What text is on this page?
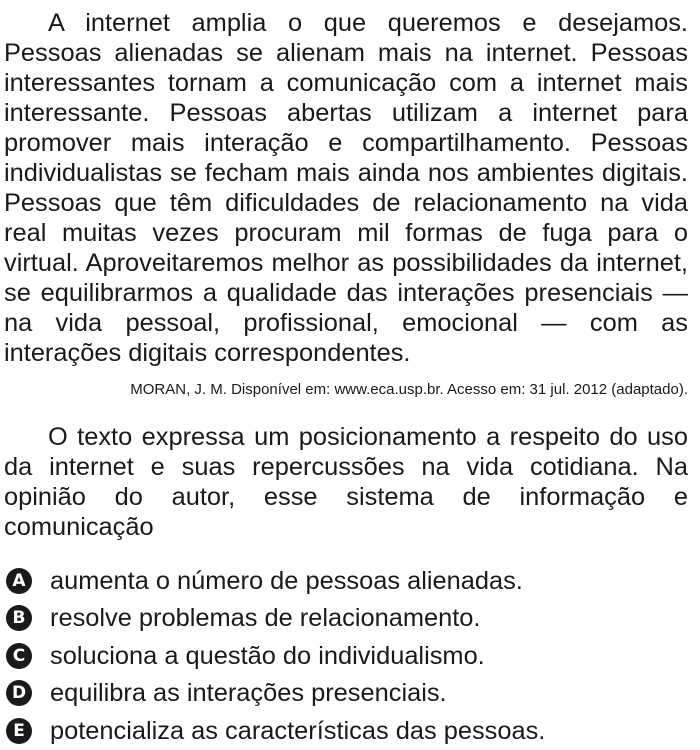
A internet amplia o que queremos e desejamos. Pessoas alienadas se alienam mais na internet. Pessoas interessantes tornam a comunicação com a internet mais interessante. Pessoas abertas utilizam a internet para promover mais interação e compartilhamento. Pessoas individualistas se fecham mais ainda nos ambientes digitais. Pessoas que têm dificuldades de relacionamento na vida real muitas vezes procuram mil formas de fuga para o virtual. Aproveitaremos melhor as possibilidades da internet, se equilibrarmos a qualidade das interações presenciais — na vida pessoal, profissional, emocional — com as interações digitais correspondentes.

MORAN, J. M. Disponível em: www.eca.usp.br. Acesso em: 31 jul. 2012 (adaptado).

O texto expressa um posicionamento a respeito do uso da internet e suas repercussões na vida cotidiana. Na opinião do autor, esse sistema de informação e comunicação

A aumenta o número de pessoas alienadas.
B resolve problemas de relacionamento.
C soluciona a questão do individualismo.
D equilibra as interações presenciais.
E potencializa as características das pessoas.
